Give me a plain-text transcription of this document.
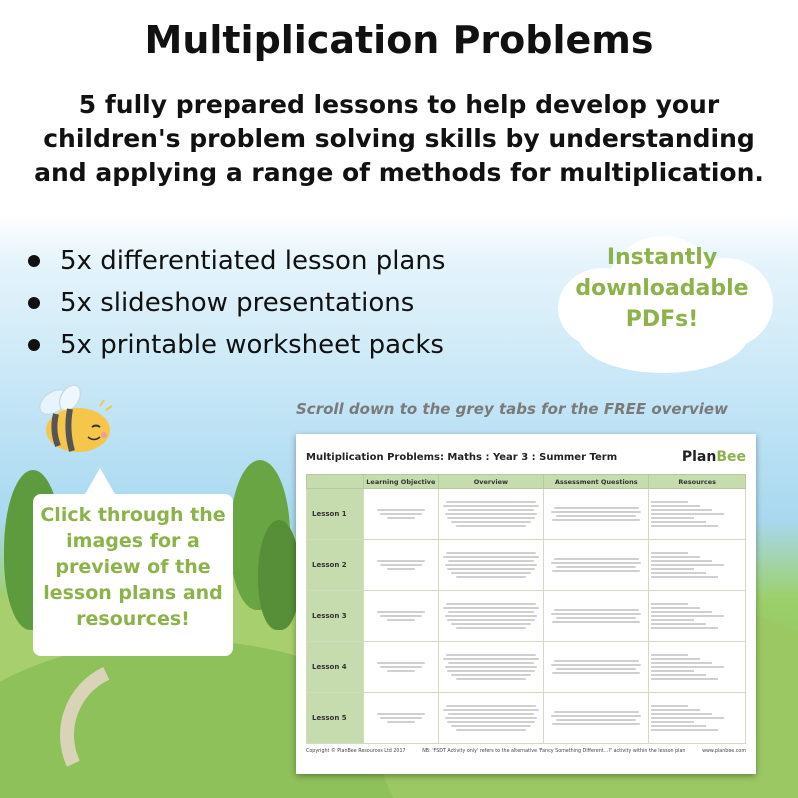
Multiplication Problems
5 fully prepared lessons to help develop your children's problem solving skills by understanding and applying a range of methods for multiplication.
5x differentiated lesson plans
5x slideshow presentations
5x printable worksheet packs
Instantly
downloadable
PDFs!
Scroll down to the grey tabs for the FREE overview
Click through the
images for a
preview of the
lesson plans and
resources!
Multiplication Problems: Maths : Year 3 : Summer Term	PlanBee
	Learning Objective	Overview	Assessment Questions	Resources
Lesson 1	

Lesson 2	

Lesson 3	

Lesson 4	

Lesson 5	

Copyright © PlanBee Resources Ltd 2017	NB: 'FSDT Activity only' refers to the alternative 'Fancy Something Different...?' activity within the lesson plan	www.planbee.com
